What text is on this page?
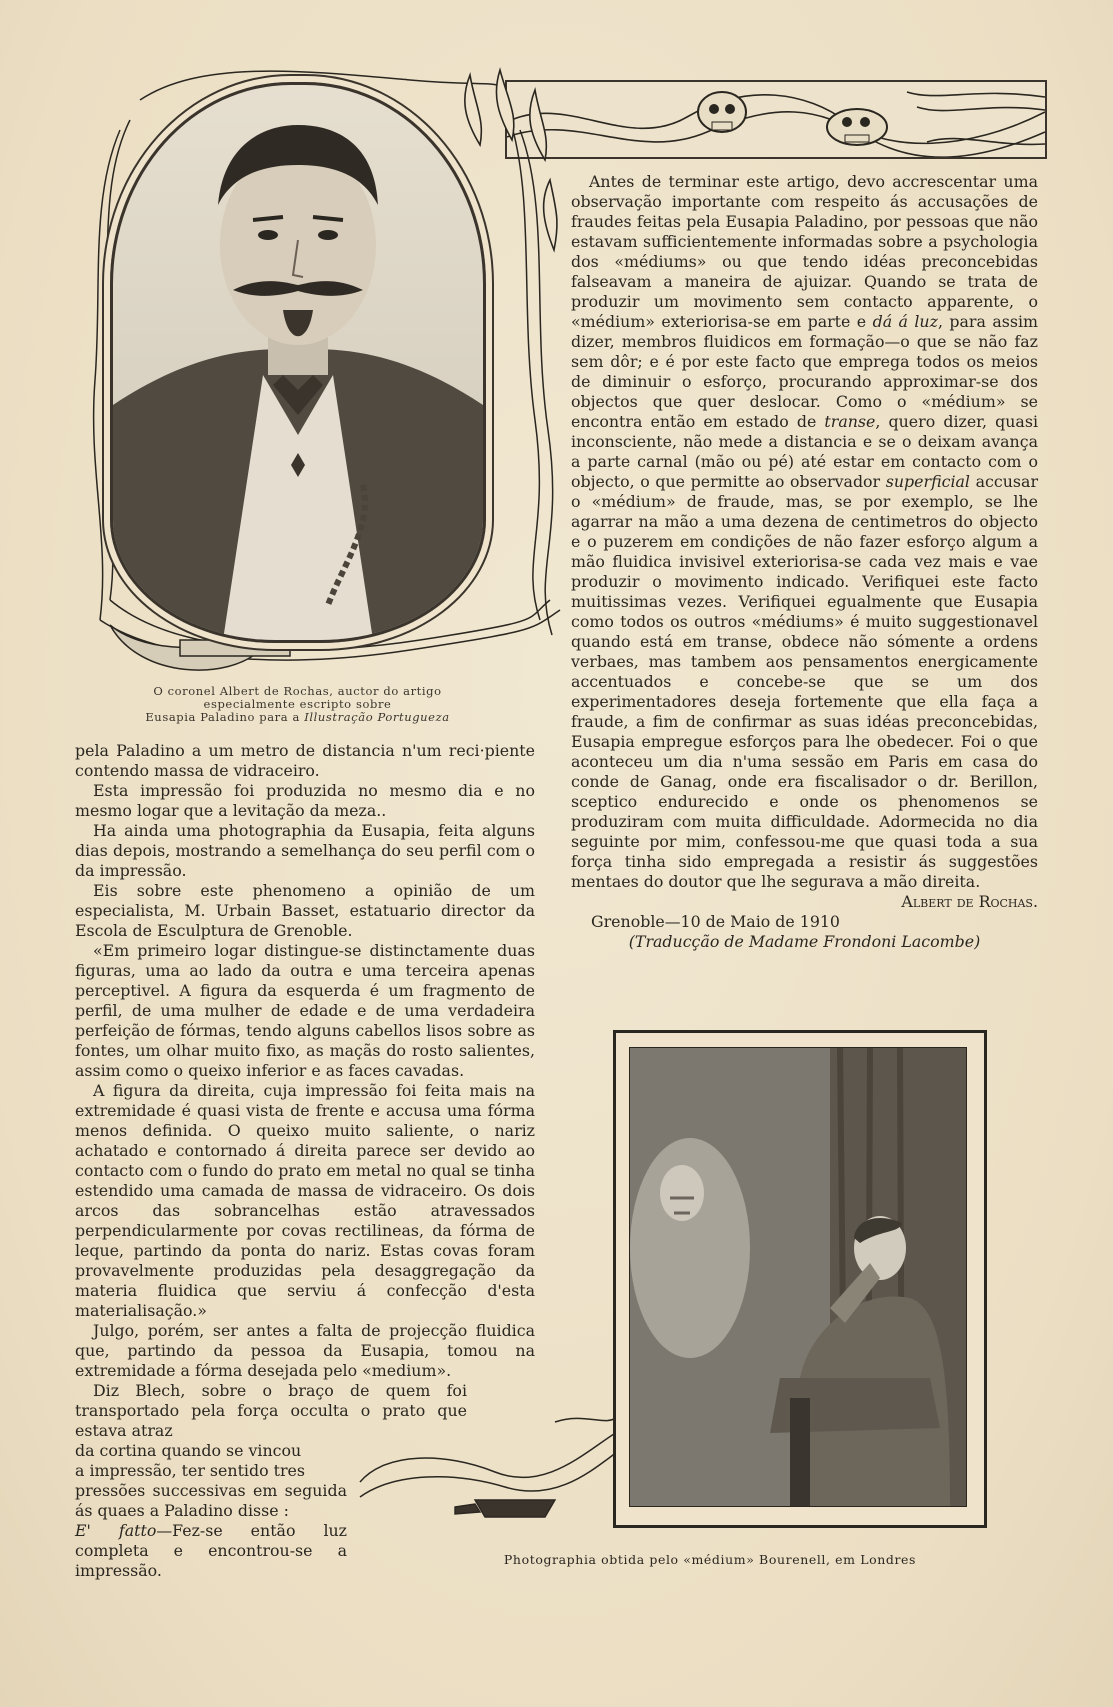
O coronel Albert de Rochas, auctor do artigo
especialmente escripto sobre
Eusapia Paladino para a Illustração Portugueza

pela Paladino a um metro de distancia n'um reci·piente contendo massa de vidraceiro.

Esta impressão foi produzida no mesmo dia e no mesmo logar que a levitação da meza..

Ha ainda uma photographia da Eusapia, feita alguns dias depois, mostrando a semelhança do seu perfil com o da impressão.

Eis sobre este phenomeno a opinião de um especialista, M. Urbain Basset, estatuario director da Escola de Esculptura de Grenoble.

«Em primeiro logar distingue-se distinctamente duas figuras, uma ao lado da outra e uma terceira apenas perceptivel. A figura da esquerda é um fragmento de perfil, de uma mulher de edade e de uma verdadeira perfeição de fórmas, tendo alguns cabellos lisos sobre as fontes, um olhar muito fixo, as maçãs do rosto salientes, assim como o queixo inferior e as faces cavadas.

A figura da direita, cuja impressão foi feita mais na extremidade é quasi vista de frente e accusa uma fórma menos definida. O queixo muito saliente, o nariz achatado e contornado á direita parece ser devido ao contacto com o fundo do prato em metal no qual se tinha estendido uma camada de massa de vidraceiro. Os dois arcos das sobrancelhas estão atravessados perpendicularmente por covas rectilineas, da fórma de leque, partindo da ponta do nariz. Estas covas foram provavelmente produzidas pela desaggregação da materia fluidica que serviu á confecção d'esta materialisação.»

Julgo, porém, ser antes a falta de projecção fluidica que, partindo da pessoa da Eusapia, tomou na extremidade a fórma desejada pelo «medium».

Diz Blech, sobre o braço de quem foi transportado pela força occulta o prato que estava atraz

da cortina quando se vincou

a impressão, ter sentido tres

pressões successivas em seguida ás quaes a Paladino disse :

E' fatto—Fez-se então luz completa e encontrou-se a impressão.

Antes de terminar este artigo, devo accrescentar uma observação importante com respeito ás accusações de fraudes feitas pela Eusapia Paladino, por pessoas que não estavam sufficientemente informadas sobre a psychologia dos «médiums» ou que tendo idéas preconcebidas falseavam a maneira de ajuizar. Quando se trata de produzir um movimento sem contacto apparente, o «médium» exteriorisa-se em parte e dá á luz, para assim dizer, membros fluidicos em formação—o que se não faz sem dôr; e é por este facto que emprega todos os meios de diminuir o esforço, procurando approximar-se dos objectos que quer deslocar. Como o «médium» se encontra então em estado de transe, quero dizer, quasi inconsciente, não mede a distancia e se o deixam avança a parte carnal (mão ou pé) até estar em contacto com o objecto, o que permitte ao observador superficial accusar o «médium» de fraude, mas, se por exemplo, se lhe agarrar na mão a uma dezena de centimetros do objecto e o puzerem em condições de não fazer esforço algum a mão fluidica invisivel exteriorisa-se cada vez mais e vae produzir o movimento indicado. Verifiquei este facto muitissimas vezes. Verifiquei egualmente que Eusapia como todos os outros «médiums» é muito suggestionavel quando está em transe, obdece não sómente a ordens verbaes, mas tambem aos pensamentos energicamente accentuados e concebe-se que se um dos experimentadores deseja fortemente que ella faça a fraude, a fim de confirmar as suas idéas preconcebidas, Eusapia empregue esforços para lhe obedecer. Foi o que aconteceu um dia n'uma sessão em Paris em casa do conde de Ganag, onde era fiscalisador o dr. Berillon, sceptico endurecido e onde os phenomenos se produziram com muita difficuldade. Adormecida no dia seguinte por mim, confessou-me que quasi toda a sua força tinha sido empregada a resistir ás suggestões mentaes do doutor que lhe segurava a mão direita.

Albert de Rochas.
Grenoble—10 de Maio de 1910
(Traducção de Madame Frondoni Lacombe)
Photographia obtida pelo «médium» Bourenell, em Londres
